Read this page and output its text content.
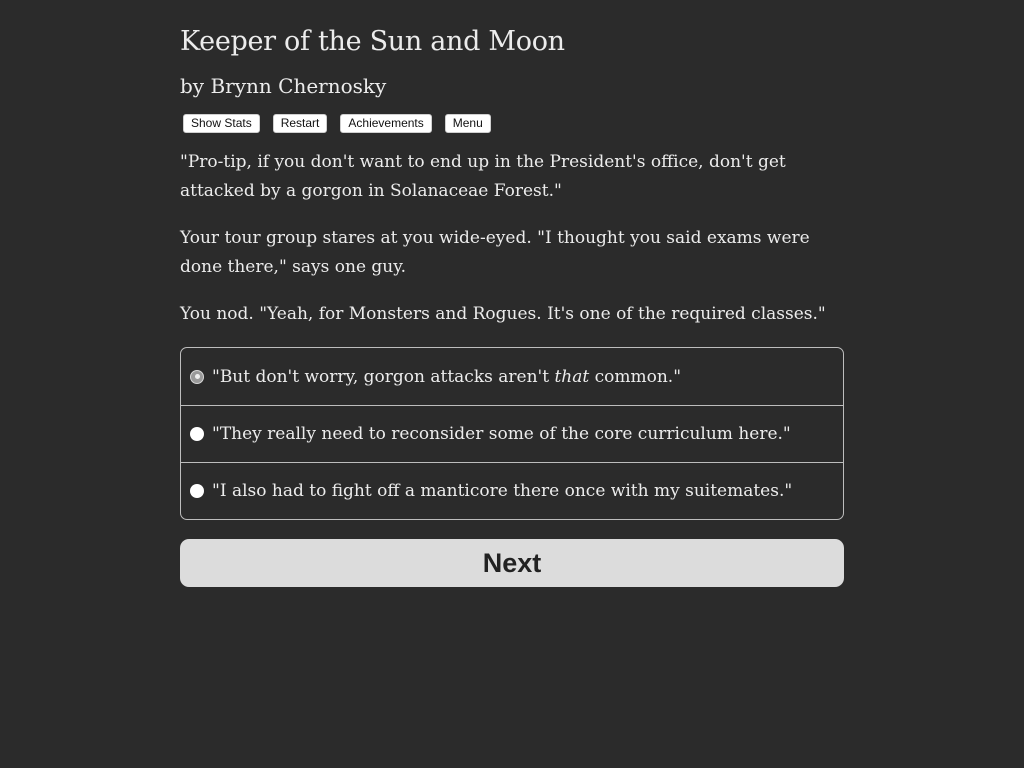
Keeper of the Sun and Moon
by Brynn Chernosky
Show Stats	Restart	Achievements	Menu

"Pro-tip, if you don't want to end up in the President's office, don't get attacked by a gorgon in Solanaceae Forest."

Your tour group stares at you wide-eyed. "I thought you said exams were done there," says one guy.

You nod. "Yeah, for Monsters and Rogues. It's one of the required classes."

"But don't worry, gorgon attacks aren't that common."
"They really need to reconsider some of the core curriculum here."
"I also had to fight off a manticore there once with my suitemates."
Next
